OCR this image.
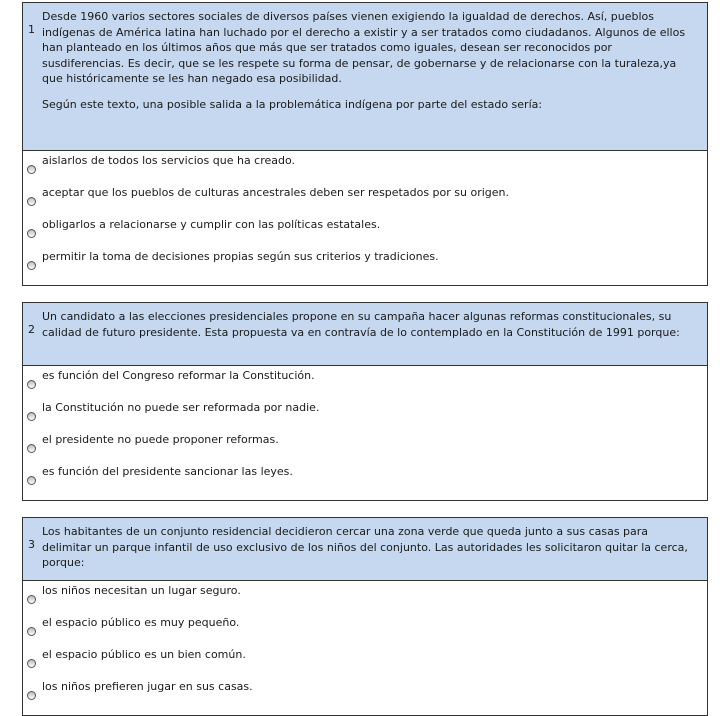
1

Desde 1960 varios sectores sociales de diversos países vienen exigiendo la igualdad de derechos. Así, pueblos indígenas de América latina han luchado por el derecho a existir y a ser tratados como ciudadanos. Algunos de ellos han planteado en los últimos años que más que ser tratados como iguales, desean ser reconocidos por susdiferencias. Es decir, que se les respete su forma de pensar, de gobernarse y de relacionarse con la turaleza,ya que históricamente se les han negado esa posibilidad.

Según este texto, una posible salida a la problemática indígena por parte del estado sería:

aislarlos de todos los servicios que ha creado.
aceptar que los pueblos de culturas ancestrales deben ser respetados por su origen.
obligarlos a relacionarse y cumplir con las políticas estatales.
permitir la toma de decisiones propias según sus criterios y tradiciones.
2

Un candidato a las elecciones presidenciales propone en su campaña hacer algunas reformas constitucionales, su calidad de futuro presidente. Esta propuesta va en contravía de lo contemplado en la Constitución de 1991 porque:

es función del Congreso reformar la Constitución.
la Constitución no puede ser reformada por nadie.
el presidente no puede proponer reformas.
es función del presidente sancionar las leyes.
3

Los habitantes de un conjunto residencial decidieron cercar una zona verde que queda junto a sus casas para delimitar un parque infantil de uso exclusivo de los niños del conjunto. Las autoridades les solicitaron quitar la cerca, porque:

los niños necesitan un lugar seguro.
el espacio público es muy pequeño.
el espacio público es un bien común.
los niños prefieren jugar en sus casas.
